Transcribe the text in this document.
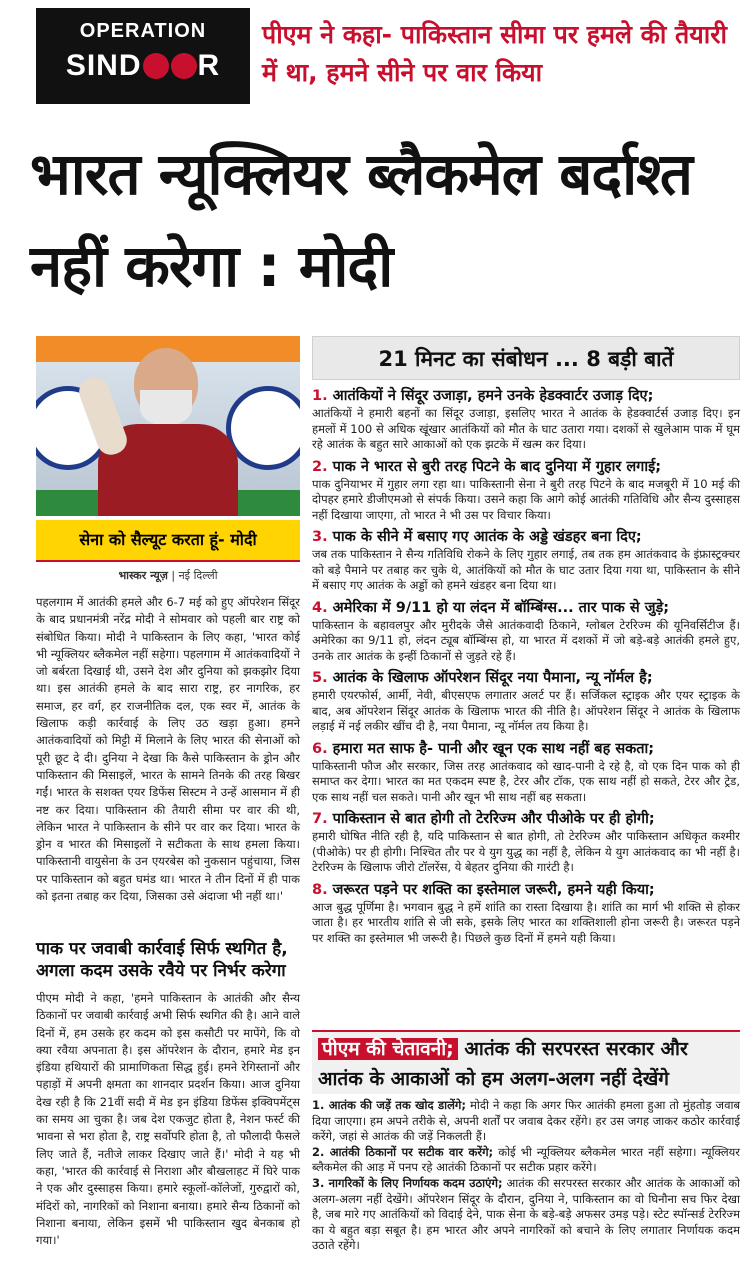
OPERATION
SIND R
पीएम ने कहा- पाकिस्तान सीमा पर हमले की तैयारी में था, हमने सीने पर वार किया
भारत न्यूक्लियर ब्लैकमेल बर्दाश्त नहीं करेगा : मोदी
सेना को सैल्यूट करता हूं- मोदी
भास्कर न्यूज़ | नई दिल्ली
पहलगाम में आतंकी हमले और 6-7 मई को हुए ऑपरेशन सिंदूर के बाद प्रधानमंत्री नरेंद्र मोदी ने सोमवार को पहली बार राष्ट्र को संबोधित किया। मोदी ने पाकिस्तान के लिए कहा, 'भारत कोई भी न्यूक्लियर ब्लैकमेल नहीं सहेगा। पहलगाम में आतंकवादियों ने जो बर्बरता दिखाई थी, उसने देश और दुनिया को झकझोर दिया था। इस आतंकी हमले के बाद सारा राष्ट्र, हर नागरिक, हर समाज, हर वर्ग, हर राजनीतिक दल, एक स्वर में, आतंक के खिलाफ कड़ी कार्रवाई के लिए उठ खड़ा हुआ। हमने आतंकवादियों को मिट्टी में मिलाने के लिए भारत की सेनाओं को पूरी छूट दे दी। दुनिया ने देखा कि कैसे पाकिस्तान के ड्रोन और पाकिस्तान की मिसाइलें, भारत के सामने तिनके की तरह बिखर गईं। भारत के सशक्त एयर डिफेंस सिस्टम ने उन्हें आसमान में ही नष्ट कर दिया। पाकिस्तान की तैयारी सीमा पर वार की थी, लेकिन भारत ने पाकिस्तान के सीने पर वार कर दिया। भारत के ड्रोन व भारत की मिसाइलों ने सटीकता के साथ हमला किया। पाकिस्तानी वायुसेना के उन एयरबेस को नुकसान पहुंचाया, जिस पर पाकिस्तान को बहुत घमंड था। भारत ने तीन दिनों में ही पाक को इतना तबाह कर दिया, जिसका उसे अंदाजा भी नहीं था।'
पाक पर जवाबी कार्रवाई सिर्फ स्थगित है, अगला कदम उसके रवैये पर निर्भर करेगा
पीएम मोदी ने कहा, 'हमने पाकिस्तान के आतंकी और सैन्य ठिकानों पर जवाबी कार्रवाई अभी सिर्फ स्थगित की है। आने वाले दिनों में, हम उसके हर कदम को इस कसौटी पर मापेंगे, कि वो क्या रवैया अपनाता है। इस ऑपरेशन के दौरान, हमारे मेड इन इंडिया हथियारों की प्रामाणिकता सिद्ध हुई। हमने रेगिस्तानों और पहाड़ों में अपनी क्षमता का शानदार प्रदर्शन किया। आज दुनिया देख रही है कि 21वीं सदी में मेड इन इंडिया डिफेंस इक्विपमेंट्स का समय आ चुका है। जब देश एकजुट होता है, नेशन फर्स्ट की भावना से भरा होता है, राष्ट्र सर्वोपरि होता है, तो फौलादी फैसले लिए जाते हैं, नतीजे लाकर दिखाए जाते हैं।' मोदी ने यह भी कहा, 'भारत की कार्रवाई से निराशा और बौखलाहट में घिरे पाक ने एक और दुस्साहस किया। हमारे स्कूलों-कॉलेजों, गुरुद्वारों को, मंदिरों को, नागरिकों को निशाना बनाया। हमारे सैन्य ठिकानों को निशाना बनाया, लेकिन इसमें भी पाकिस्तान खुद बेनकाब हो गया।'
21 मिनट का संबोधन ... 8 बड़ी बातें
1. आतंकियों ने सिंदूर उजाड़ा, हमने उनके हेडक्वार्टर उजाड़ दिए;
आतंकियों ने हमारी बहनों का सिंदूर उजाड़ा, इसलिए भारत ने आतंक के हेडक्वार्टर्स उजाड़ दिए। इन हमलों में 100 से अधिक खूंखार आतंकियों को मौत के घाट उतारा गया। दशकों से खुलेआम पाक में घूम रहे आतंक के बहुत सारे आकाओं को एक झटके में खत्म कर दिया।
2. पाक ने भारत से बुरी तरह पिटने के बाद दुनिया में गुहार लगाई;
पाक दुनियाभर में गुहार लगा रहा था। पाकिस्तानी सेना ने बुरी तरह पिटने के बाद मजबूरी में 10 मई की दोपहर हमारे डीजीएमओ से संपर्क किया। उसने कहा कि आगे कोई आतंकी गतिविधि और सैन्य दुस्साहस नहीं दिखाया जाएगा, तो भारत ने भी उस पर विचार किया।
3. पाक के सीने में बसाए गए आतंक के अड्डे खंडहर बना दिए;
जब तक पाकिस्तान ने सैन्य गतिविधि रोकने के लिए गुहार लगाई, तब तक हम आतंकवाद के इंफ्रास्ट्रक्चर को बड़े पैमाने पर तबाह कर चुके थे, आतंकियों को मौत के घाट उतार दिया गया था, पाकिस्तान के सीने में बसाए गए आतंक के अड्डों को हमने खंडहर बना दिया था।
4. अमेरिका में 9/11 हो या लंदन में बॉम्बिंग्स... तार पाक से जुड़े;
पाकिस्तान के बहावलपुर और मुरीदके जैसे आतंकवादी ठिकाने, ग्लोबल टेररिज्म की यूनिवर्सिटीज हैं। अमेरिका का 9/11 हो, लंदन ट्यूब बॉम्बिंग्स हो, या भारत में दशकों में जो बड़े-बड़े आतंकी हमले हुए, उनके तार आतंक के इन्हीं ठिकानों से जुड़ते रहे हैं।
5. आतंक के खिलाफ ऑपरेशन सिंदूर नया पैमाना, न्यू नॉर्मल है;
हमारी एयरफोर्स, आर्मी, नेवी, बीएसएफ लगातार अलर्ट पर हैं। सर्जिकल स्ट्राइक और एयर स्ट्राइक के बाद, अब ऑपरेशन सिंदूर आतंक के खिलाफ भारत की नीति है। ऑपरेशन सिंदूर ने आतंक के खिलाफ लड़ाई में नई लकीर खींच दी है, नया पैमाना, न्यू नॉर्मल तय किया है।
6. हमारा मत साफ है- पानी और खून एक साथ नहीं बह सकता;
पाकिस्तानी फौज और सरकार, जिस तरह आतंकवाद को खाद-पानी दे रहे है, वो एक दिन पाक को ही समाप्त कर देगा। भारत का मत एकदम स्पष्ट है, टेरर और टॉक, एक साथ नहीं हो सकते, टेरर और ट्रेड, एक साथ नहीं चल सकते। पानी और खून भी साथ नहीं बह सकता।
7. पाकिस्तान से बात होगी तो टेररिज्म और पीओके पर ही होगी;
हमारी घोषित नीति रही है, यदि पाकिस्तान से बात होगी, तो टेररिज्म और पाकिस्तान अधिकृत कश्मीर (पीओके) पर ही होगी। निश्चित तौर पर ये युग युद्ध का नहीं है, लेकिन ये युग आतंकवाद का भी नहीं है। टेररिज्म के खिलाफ जीरो टॉलरेंस, ये बेहतर दुनिया की गारंटी है।
8. जरूरत पड़ने पर शक्ति का इस्तेमाल जरूरी, हमने यही किया;
आज बुद्ध पूर्णिमा है। भगवान बुद्ध ने हमें शांति का रास्ता दिखाया है। शांति का मार्ग भी शक्ति से होकर जाता है। हर भारतीय शांति से जी सके, इसके लिए भारत का शक्तिशाली होना जरूरी है। जरूरत पड़ने पर शक्ति का इस्तेमाल भी जरूरी है। पिछले कुछ दिनों में हमने यही किया।
पीएम की चेतावनी; आतंक की सरपरस्त सरकार और आतंक के आकाओं को हम अलग-अलग नहीं देखेंगे
1. आतंक की जड़ें तक खोद डालेंगे; मोदी ने कहा कि अगर फिर आतंकी हमला हुआ तो मुंहतोड़ जवाब दिया जाएगा। हम अपने तरीके से, अपनी शर्तों पर जवाब देकर रहेंगे। हर उस जगह जाकर कठोर कार्रवाई करेंगे, जहां से आतंक की जड़ें निकलती हैं।
2. आतंकी ठिकानों पर सटीक वार करेंगे; कोई भी न्यूक्लियर ब्लैकमेल भारत नहीं सहेगा। न्यूक्लियर ब्लैकमेल की आड़ में पनप रहे आतंकी ठिकानों पर सटीक प्रहार करेंगे।
3. नागरिकों के लिए निर्णायक कदम उठाएंगे; आतंक की सरपरस्त सरकार और आतंक के आकाओं को अलग-अलग नहीं देखेंगे। ऑपरेशन सिंदूर के दौरान, दुनिया ने, पाकिस्तान का वो घिनौना सच फिर देखा है, जब मारे गए आतंकियों को विदाई देने, पाक सेना के बड़े-बड़े अफसर उमड़ पड़े। स्टेट स्पॉन्सर्ड टेररिज्म का ये बहुत बड़ा सबूत है। हम भारत और अपने नागरिकों को बचाने के लिए लगातार निर्णायक कदम उठाते रहेंगे।
